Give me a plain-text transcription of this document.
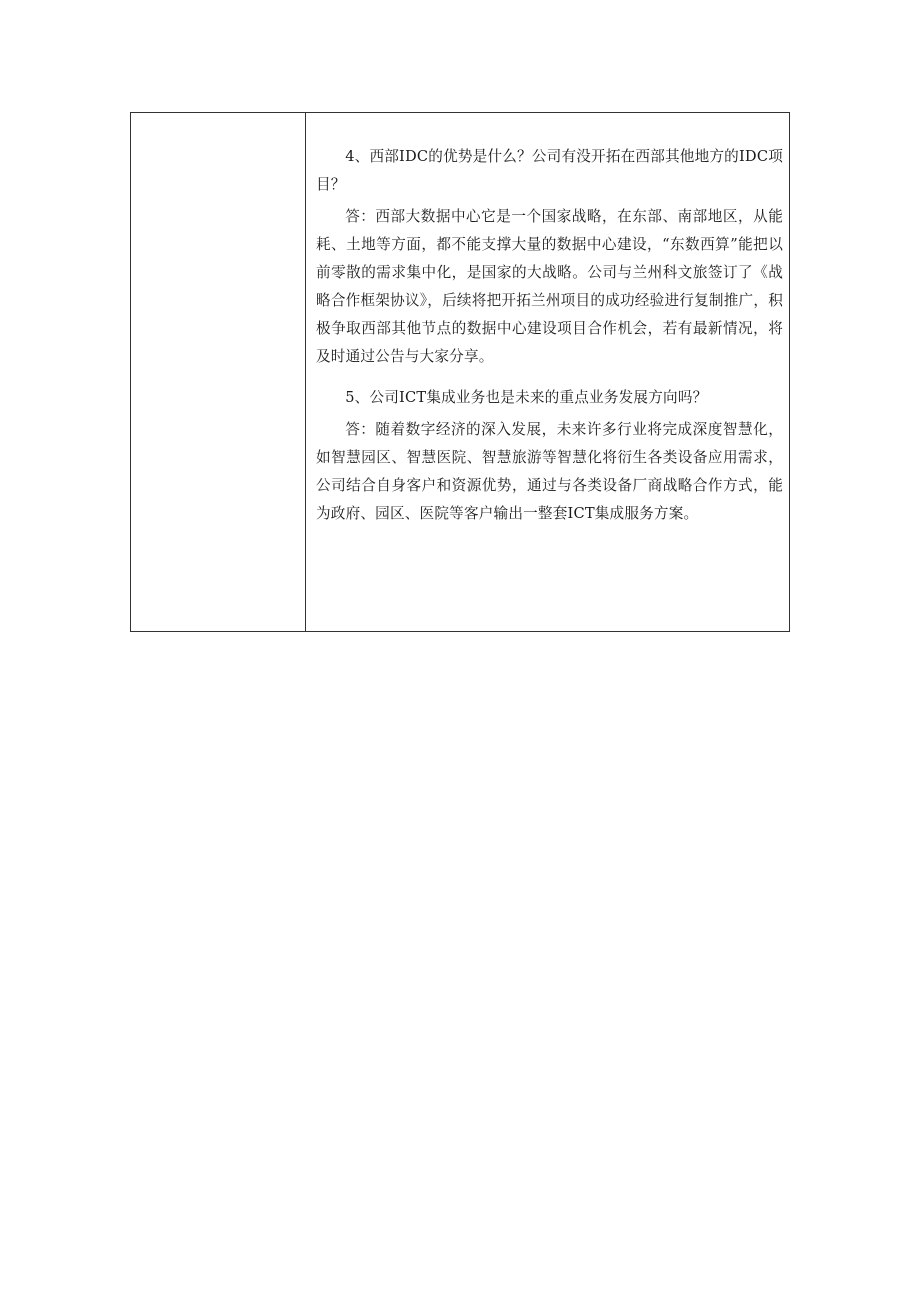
4、西部IDC的优势是什么？公司有没开拓在西部其他地方的IDC项目？

答：西部大数据中心它是一个国家战略，在东部、南部地区，从能耗、土地等方面，都不能支撑大量的数据中心建设，“东数西算”能把以前零散的需求集中化，是国家的大战略。公司与兰州科文旅签订了《战略合作框架协议》，后续将把开拓兰州项目的成功经验进行复制推广，积极争取西部其他节点的数据中心建设项目合作机会，若有最新情况，将及时通过公告与大家分享。

5、公司ICT集成业务也是未来的重点业务发展方向吗？

答：随着数字经济的深入发展，未来许多行业将完成深度智慧化，如智慧园区、智慧医院、智慧旅游等智慧化将衍生各类设备应用需求，公司结合自身客户和资源优势，通过与各类设备厂商战略合作方式，能为政府、园区、医院等客户输出一整套ICT集成服务方案。
